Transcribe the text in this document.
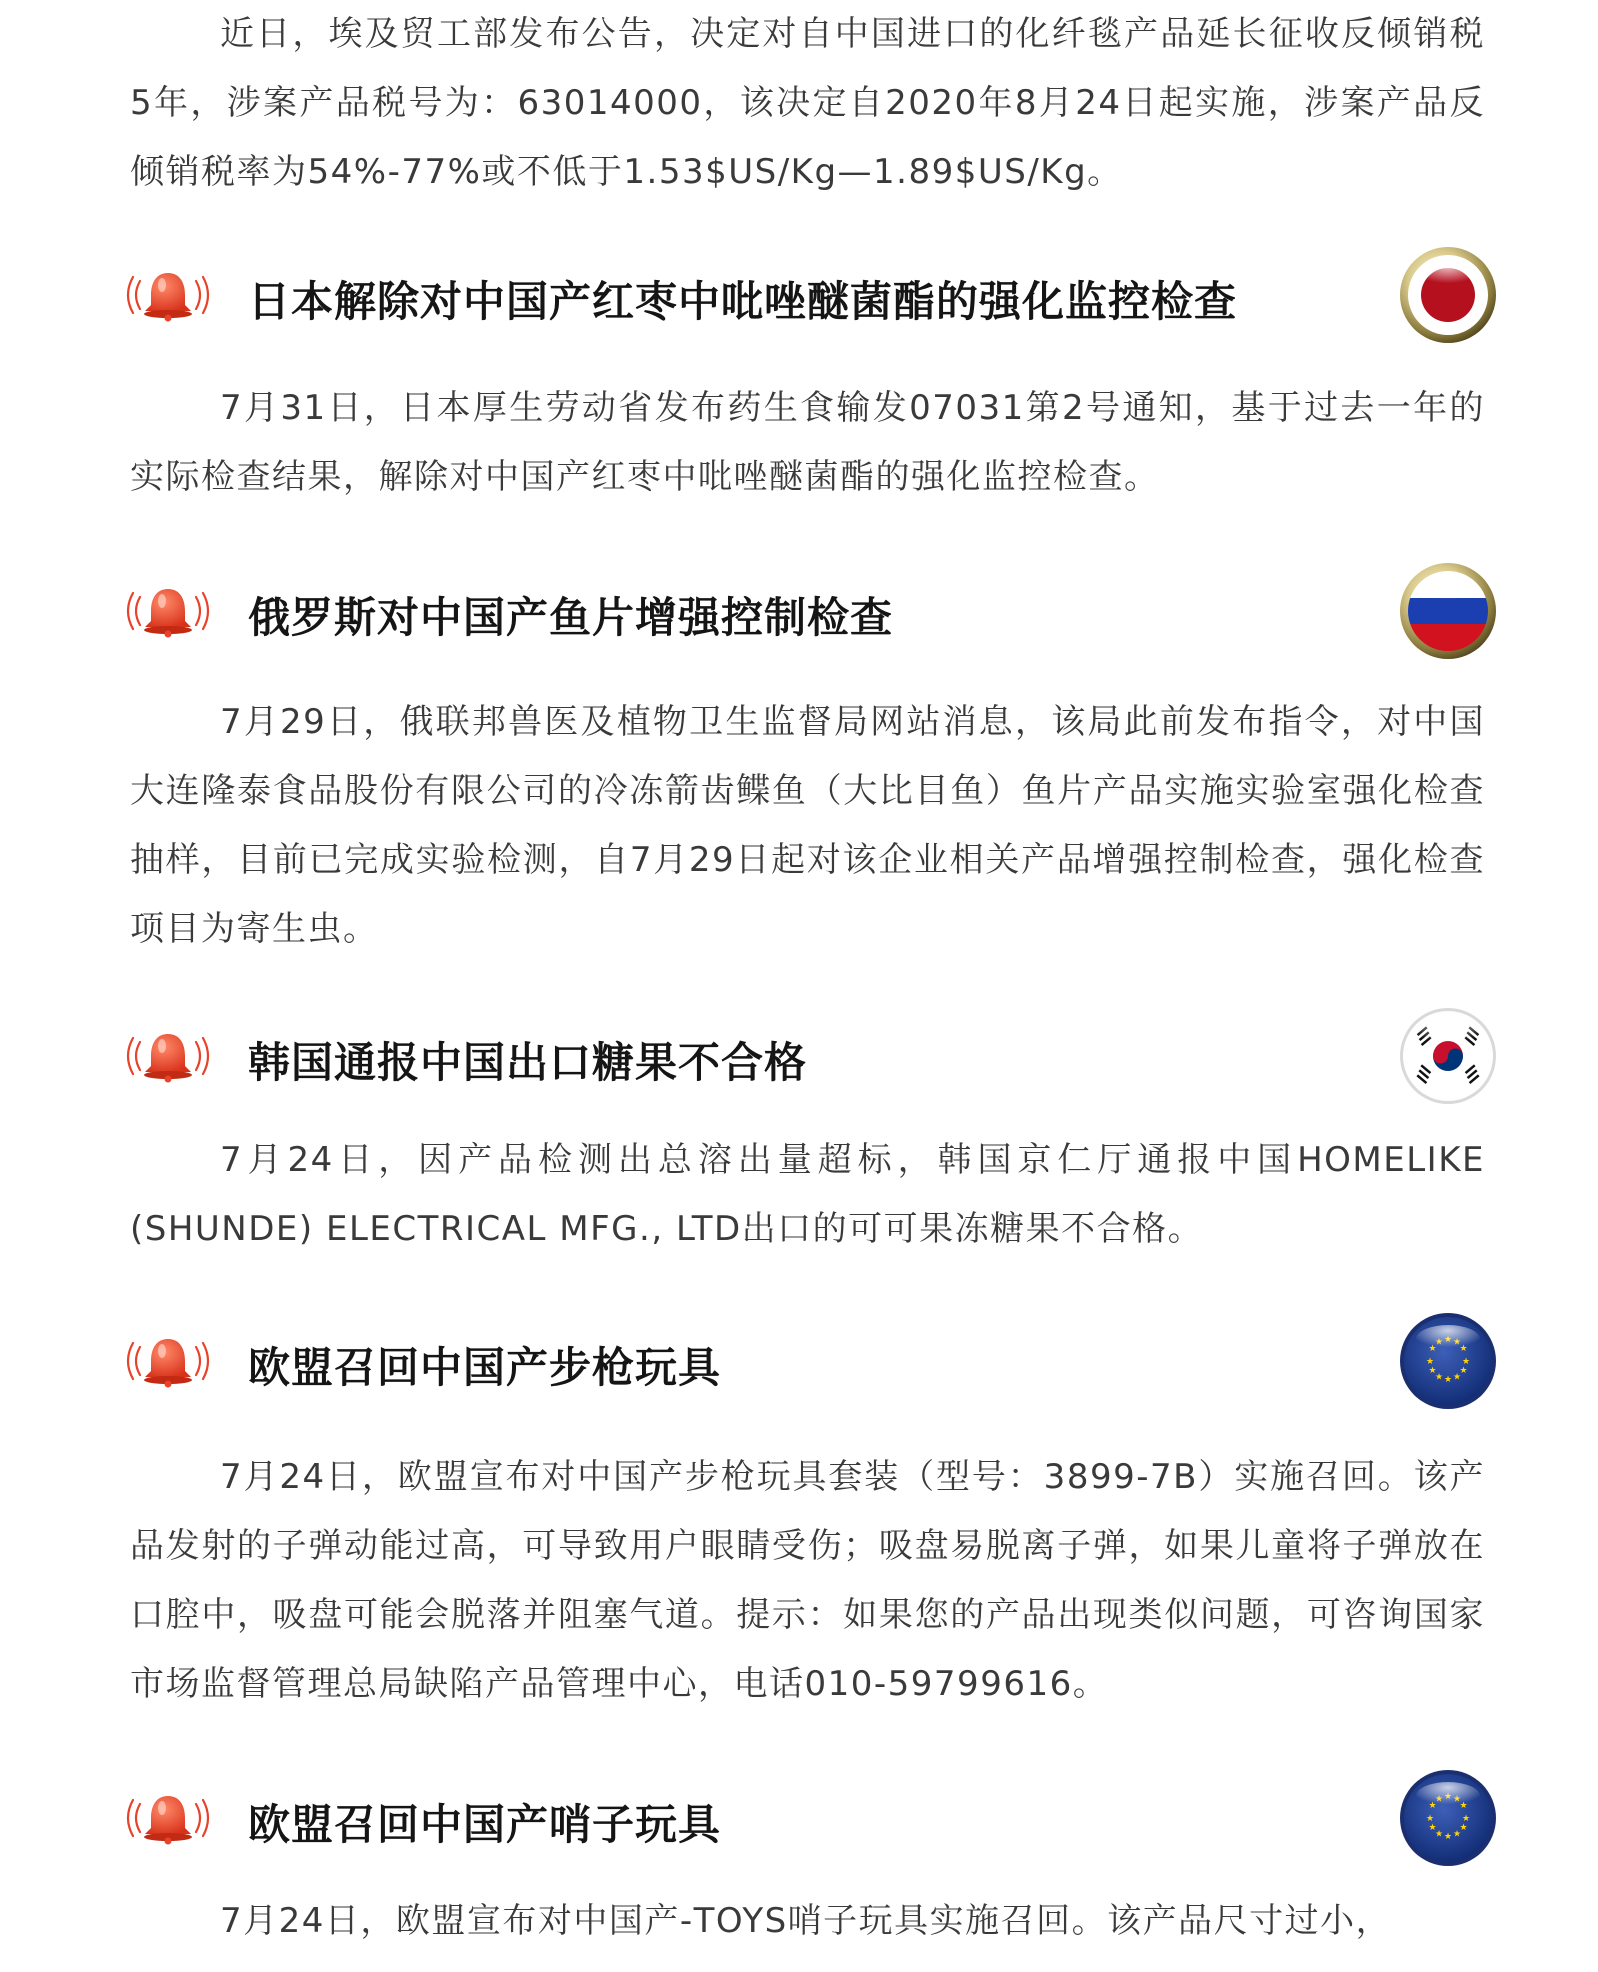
近日，埃及贸工部发布公告，决定对自中国进口的化纤毯产品延长征收反倾销税5年，涉案产品税号为：63014000，该决定自2020年8月24日起实施，涉案产品反倾销税率为54%-77%或不低于1.53$US/Kg—1.89$US/Kg。

日本解除对中国产红枣中吡唑醚菌酯的强化监控检查

7月31日，日本厚生劳动省发布药生食输发07031第2号通知，基于过去一年的实际检查结果，解除对中国产红枣中吡唑醚菌酯的强化监控检查。

俄罗斯对中国产鱼片增强控制检查

7月29日，俄联邦兽医及植物卫生监督局网站消息，该局此前发布指令，对中国大连隆泰食品股份有限公司的冷冻箭齿鲽鱼（大比目鱼）鱼片产品实施实验室强化检查抽样，目前已完成实验检测，自7月29日起对该企业相关产品增强控制检查，强化检查项目为寄生虫。

韩国通报中国出口糖果不合格

7月24日，因产品检测出总溶出量超标，韩国京仁厅通报中国HOMELIKE (SHUNDE) ELECTRICAL MFG., LTD出口的可可果冻糖果不合格。

欧盟召回中国产步枪玩具	★
★
★
★
★
★
★

7月24日，欧盟宣布对中国产步枪玩具套装（型号：3899-7B）实施召回。该产品发射的子弹动能过高，可导致用户眼睛受伤；吸盘易脱离子弹，如果儿童将子弹放在口腔中，吸盘可能会脱落并阻塞气道。提示：如果您的产品出现类似问题，可咨询国家市场监督管理总局缺陷产品管理中心，电话010-59799616。

欧盟召回中国产哨子玩具	★
★
★
★
★
★
★

7月24日，欧盟宣布对中国产-TOYS哨子玩具实施召回。该产品尺寸过小，
